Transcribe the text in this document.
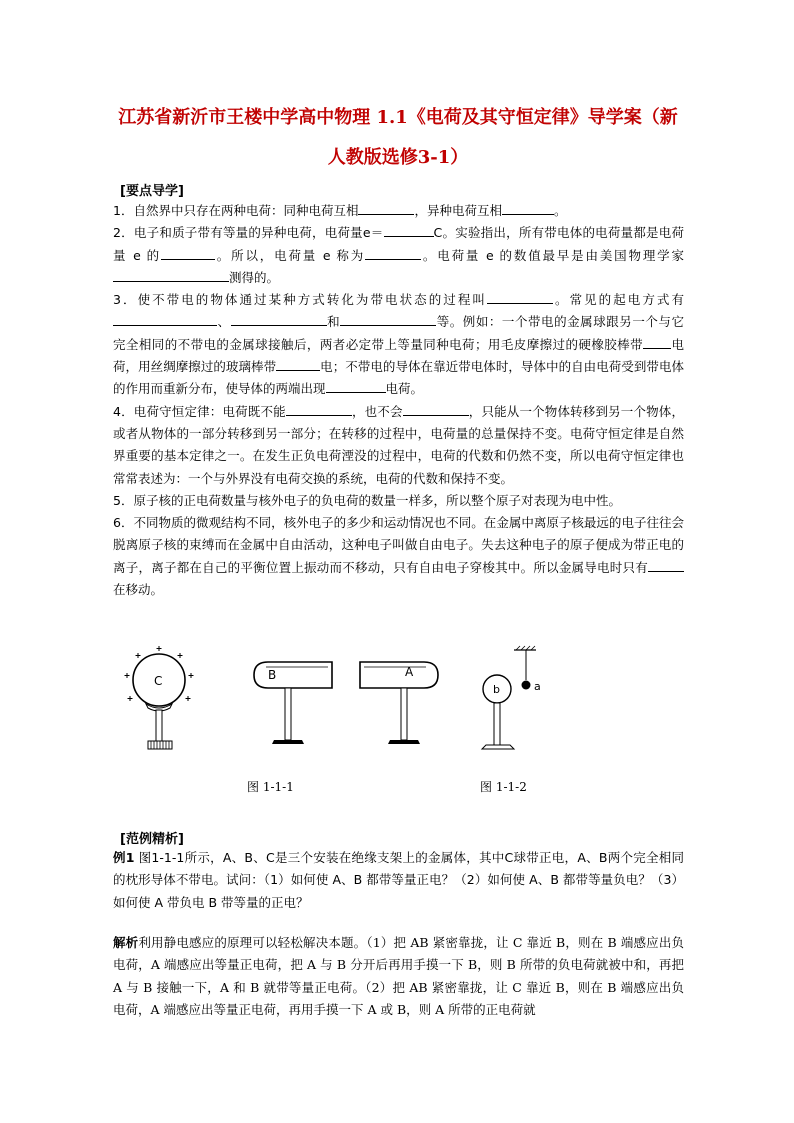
江苏省新沂市王楼中学高中物理 1.1《电荷及其守恒定律》导学案（新
人教版选修3-1）
[要点导学]

1．自然界中只存在两种电荷：同种电荷互相	，异种电荷互相	。

2．电子和质子带有等量的异种电荷，电荷量e＝	C。实验指出，所有带电体的电荷量都是电荷量 e 的	。所以，电荷量 e 称为	。电荷量 e 的数值最早是由美国物理学家测得的。

3．使不带电的物体通过某种方式转化为带电状态的过程叫	。常见的起电方式有、	和	等。例如：一个带电的金属球跟另一个与它完全相同的不带电的金属球接触后，两者必定带上等量同种电荷；用毛皮摩擦过的硬橡胶棒带 电荷，用丝绸摩擦过的玻璃棒带	电；不带电的导体在靠近带电体时，导体中的自由电荷受到带电体的作用而重新分布，使导体的两端出现	电荷。

4．电荷守恒定律：电荷既不能	，也不会	，只能从一个物体转移到另一个物体，或者从物体的一部分转移到另一部分；在转移的过程中，电荷量的总量保持不变。电荷守恒定律是自然界重要的基本定律之一。在发生正负电荷湮没的过程中，电荷的代数和仍然不变，所以电荷守恒定律也常常表述为：一个与外界没有电荷交换的系统，电荷的代数和保持不变。

5．原子核的正电荷数量与核外电子的负电荷的数量一样多，所以整个原子对表现为电中性。

6．不同物质的微观结构不同，核外电子的多少和运动情况也不同。在金属中离原子核最远的电子往往会脱离原子核的束缚而在金属中自由活动，这种电子叫做自由电子。失去这种电子的原子便成为带正电的离子，离子都在自己的平衡位置上振动而不移动，只有自由电子穿梭其中。所以金属导电时只有在移动。

C	B	A
b	a
图 1-1-1	图 1-1-2
[范例精析]

例1 图1-1-1所示，A、B、C是三个安装在绝缘支架上的金属体，其中C球带正电，A、B两个完全相同的枕形导体不带电。试问：（1）如何使 A、B 都带等量正电？（2）如何使 A、B 都带等量负电？（3）如何使 A 带负电 B 带等量的正电？

解析利用静电感应的原理可以轻松解决本题。（1）把 AB 紧密靠拢，让 C 靠近 B，则在 B 端感应出负电荷，A 端感应出等量正电荷，把 A 与 B 分开后再用手摸一下 B，则 B 所带的负电荷就被中和，再把 A 与 B 接触一下，A 和 B 就带等量正电荷。（2）把 AB 紧密靠拢，让 C 靠近 B，则在 B 端感应出负电荷，A 端感应出等量正电荷，再用手摸一下 A 或 B，则 A 所带的正电荷就
